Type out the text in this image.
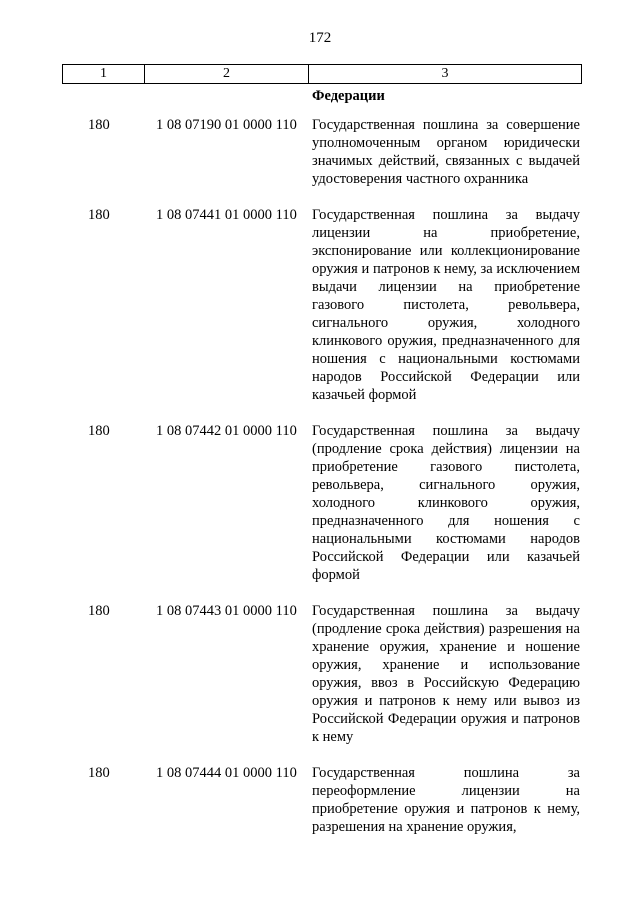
172
1	2	3
Федерации
180	1 08 07190 01 0000 110 Государственная пошлина за совершение уполномоченным органом юридически значимых действий, связанных с выдачей удостоверения частного охранника
180	1 08 07441 01 0000 110 Государственная пошлина за выдачу лицензии на приобретение, экспонирование или коллекционирование оружия и патронов к нему, за исключением выдачи лицензии на приобретение газового пистолета, револьвера, сигнального оружия, холодного клинкового оружия, предназначенного для ношения с национальными костюмами народов Российской Федерации или казачьей формой
180	1 08 07442 01 0000 110 Государственная пошлина за выдачу (продление срока действия) лицензии на приобретение газового пистолета, револьвера, сигнального оружия, холодного клинкового оружия, предназначенного для ношения с национальными костюмами народов Российской Федерации или казачьей формой
180	1 08 07443 01 0000 110 Государственная пошлина за выдачу (продление срока действия) разрешения на хранение оружия, хранение и ношение оружия, хранение и использование оружия, ввоз в Российскую Федерацию оружия и патронов к нему или вывоз из Российской Федерации оружия и патронов к нему
180	1 08 07444 01 0000 110 Государственная пошлина за переоформление лицензии на приобретение оружия и патронов к нему, разрешения на хранение оружия,
